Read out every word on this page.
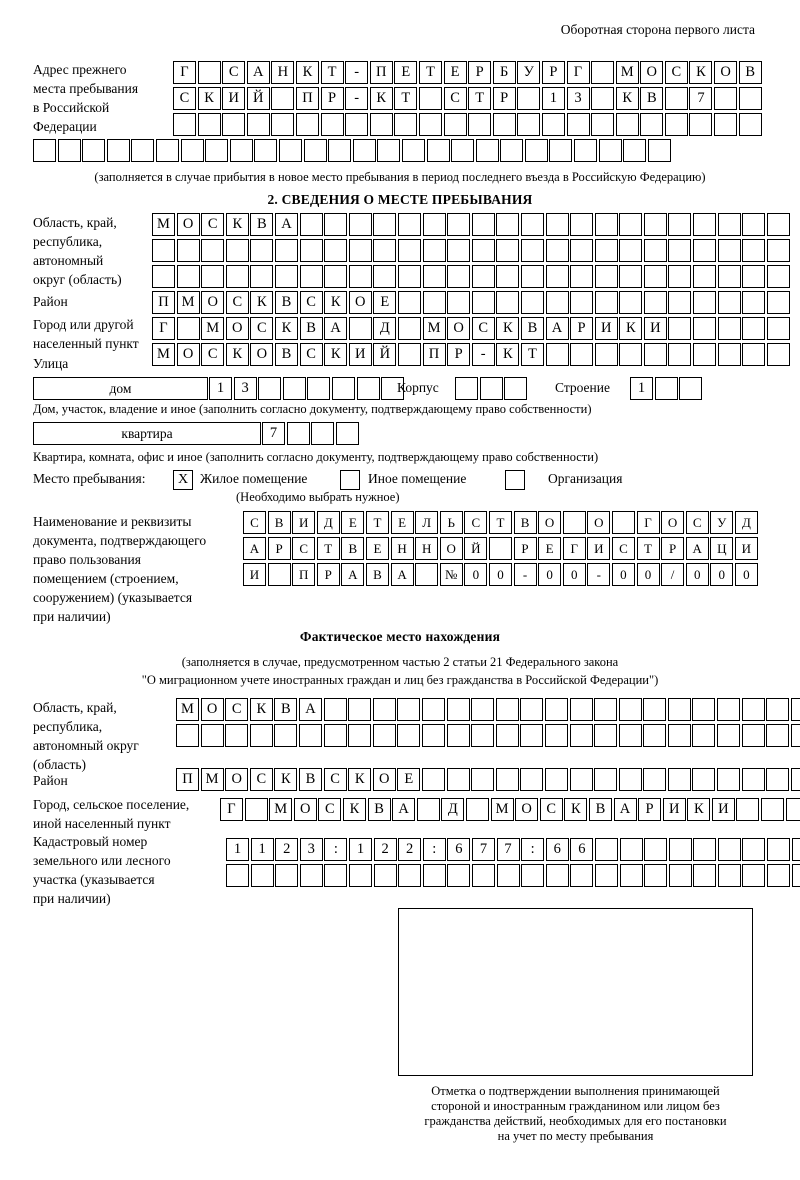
Оборотная сторона первого листа
Адрес прежнего
места пребывания
в Российской
Федерации
Г	С	А Н	К	Т	-	П	Е	Т	Е	Р	Б	У	Р	Г	М О	С	К	О	В
С	К	И Й	П	Р	-	К	Т	С	Т	Р	1	3	К	В	7
(заполняется в случае прибытия в новое место пребывания в период последнего въезда в Российскую Федерацию)
2. СВЕДЕНИЯ О МЕСТЕ ПРЕБЫВАНИЯ
Область, край,
республика,
автономный
округ (область)
М О	С	К	В	А
Район	П М О	С	К	В	С	К	О	Е
Город или другой
населенный пункт
Г	М О	С	К	В	А	Д	М О	С	К	В	А	Р	И	К	И
Улица
М О	С	К	О	В	С	К	И Й	П	Р	-	К	Т
дом	1	3	Корпус	Строение	1
Дом, участок, владение и иное (заполнить согласно документу, подтверждающему право собственности)
квартира	7
Квартира, комната, офис и иное (заполнить согласно документу, подтверждающему право собственности)
Место пребывания:	X Жилое помещение	Иное помещение	Организация
(Необходимо выбрать нужное)
Наименование и реквизиты
документа, подтверждающего
право пользования
помещением (строением,
сооружением) (указывается
при наличии)
С	В	И	Д	Е	Т	Е	Л	Ь	С	Т	В	О	О	Г	О	С	У	Д
А	Р	С	Т	В	Е	Н	Н	О	Й	Р	Е	Г	И	С	Т	Р	А	Ц	И
И	П	Р	А	В	А	№	0	0	-	0	0	-	0	0	/	0	0	0
Фактическое место нахождения
(заполняется в случае, предусмотренном частью 2 статьи 21 Федерального закона
"О миграционном учете иностранных граждан и лиц без гражданства в Российской Федерации")
Область, край,
республика,
автономный округ
(область)
М О	С	К	В	А
Район	П М О	С	К	В	С	К	О	Е
Город, сельское поселение,
иной населенный пункт
Г	М О	С	К	В	А	Д	М О	С	К	В	А	Р	И	К	И
Кадастровый номер
земельного или лесного
участка (указывается
при наличии)
1	1	2	3	:	1	2	2	:	6	7	7	:	6	6
Отметка о подтверждении выполнения принимающей
стороной и иностранным гражданином или лицом без
гражданства действий, необходимых для его постановки
на учет по месту пребывания
